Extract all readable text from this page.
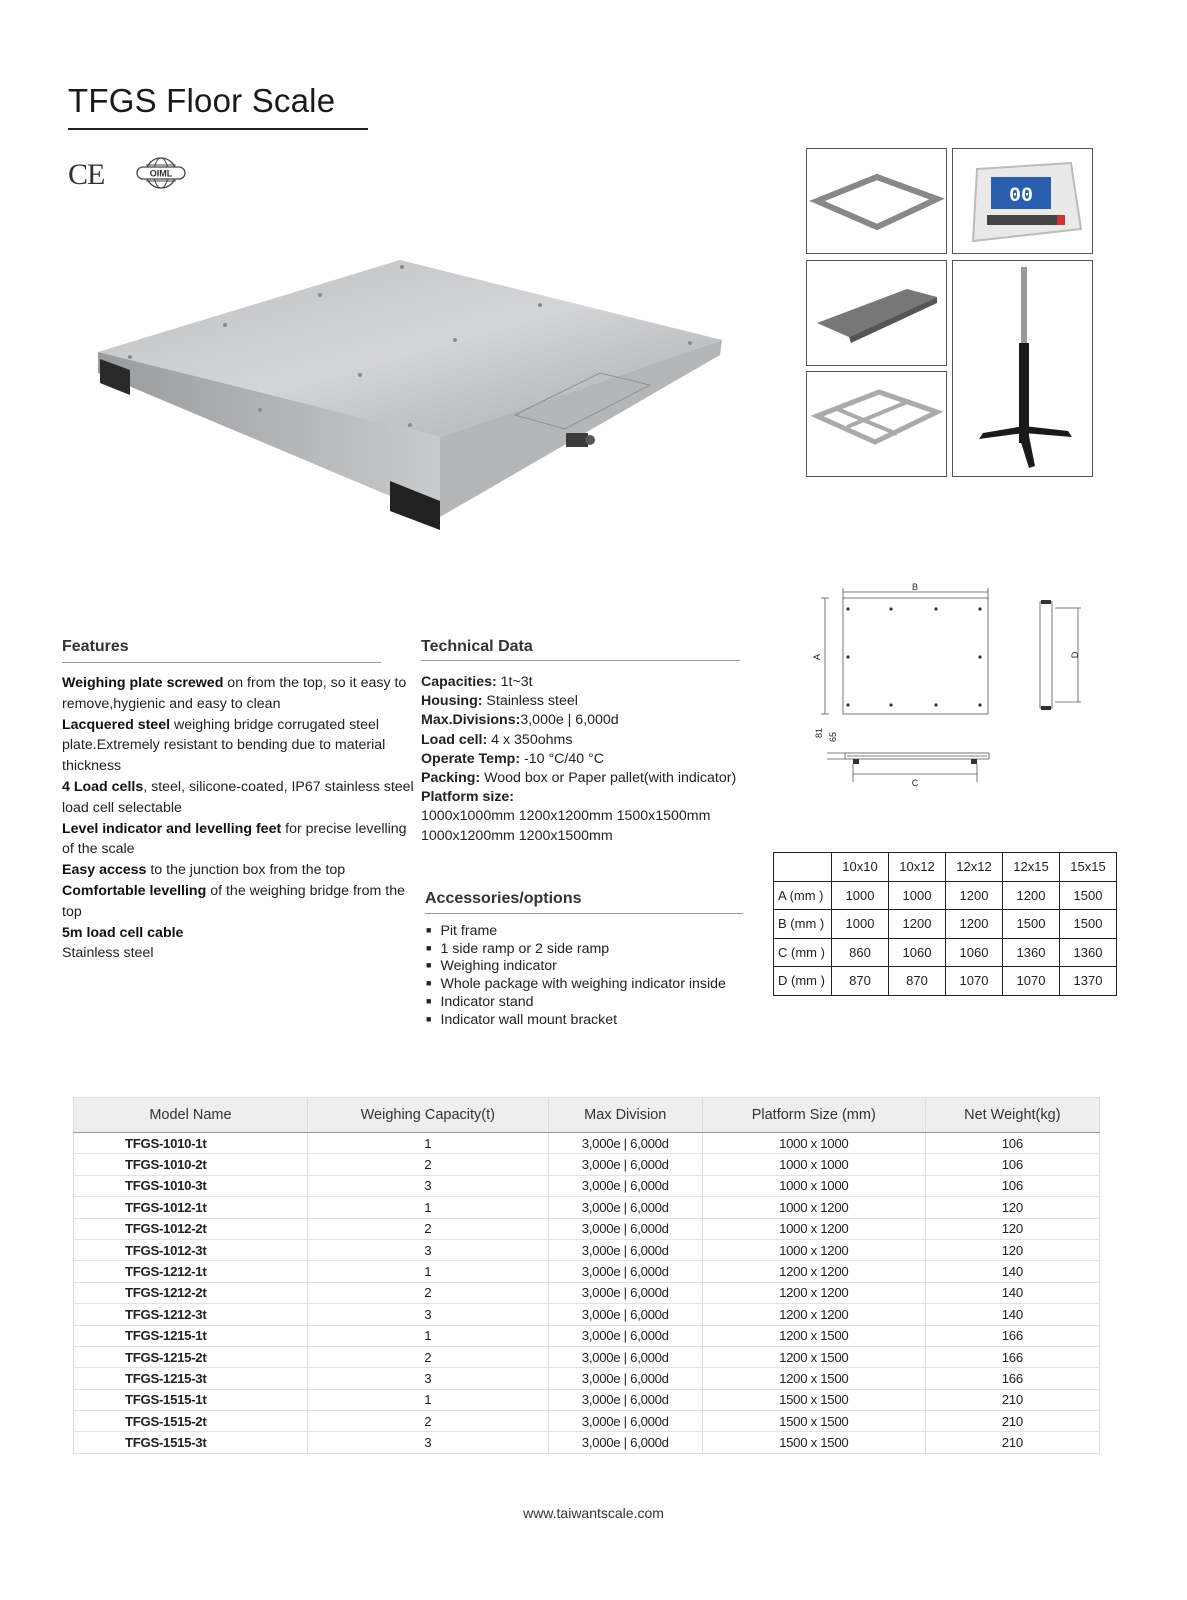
TFGS Floor Scale
CE	OIML
00
B
A	D
C
81 65
Features
Weighing plate screwed on from the top, so it easy to remove,hygienic and easy to clean
Lacquered steel weighing bridge corrugated steel plate.Extremely resistant to bending due to material thickness
4 Load cells, steel, silicone-coated, IP67 stainless steel load cell selectable
Level indicator and levelling feet for precise levelling of the scale
Easy access to the junction box from the top
Comfortable levelling of the weighing bridge from the top
5m load cell cable
Stainless steel
Technical Data
Capacities: 1t~3t
Housing: Stainless steel
Max.Divisions:3,000e | 6,000d
Load cell: 4 x 350ohms
Operate Temp: -10 °C/40 °C
Packing: Wood box or Paper pallet(with indicator)
Platform size:
1000x1000mm 1200x1200mm 1500x1500mm
1000x1200mm 1200x1500mm
Accessories/options
■ Pit frame
■ 1 side ramp or 2 side ramp
■ Weighing indicator
■ Whole package with weighing indicator inside
■ Indicator stand
■ Indicator wall mount bracket
	10x10	10x12	12x12	12x15	15x15
A (mm )	1000	1000	1200	1200	1500
B (mm )	1000	1200	1200	1500	1500
C (mm )	860	1060	1060	1360	1360
D (mm )	870	870	1070	1070	1370
Model Name	Weighing Capacity(t)	Max Division	Platform Size (mm)	Net Weight(kg)
TFGS-1010-1t	1	3,000e | 6,000d	1000 x 1000	106
TFGS-1010-2t	2	3,000e | 6,000d	1000 x 1000	106
TFGS-1010-3t	3	3,000e | 6,000d	1000 x 1000	106
TFGS-1012-1t	1	3,000e | 6,000d	1000 x 1200	120
TFGS-1012-2t	2	3,000e | 6,000d	1000 x 1200	120
TFGS-1012-3t	3	3,000e | 6,000d	1000 x 1200	120
TFGS-1212-1t	1	3,000e | 6,000d	1200 x 1200	140
TFGS-1212-2t	2	3,000e | 6,000d	1200 x 1200	140
TFGS-1212-3t	3	3,000e | 6,000d	1200 x 1200	140
TFGS-1215-1t	1	3,000e | 6,000d	1200 x 1500	166
TFGS-1215-2t	2	3,000e | 6,000d	1200 x 1500	166
TFGS-1215-3t	3	3,000e | 6,000d	1200 x 1500	166
TFGS-1515-1t	1	3,000e | 6,000d	1500 x 1500	210
TFGS-1515-2t	2	3,000e | 6,000d	1500 x 1500	210
TFGS-1515-3t	3	3,000e | 6,000d	1500 x 1500	210
www.taiwantscale.com
